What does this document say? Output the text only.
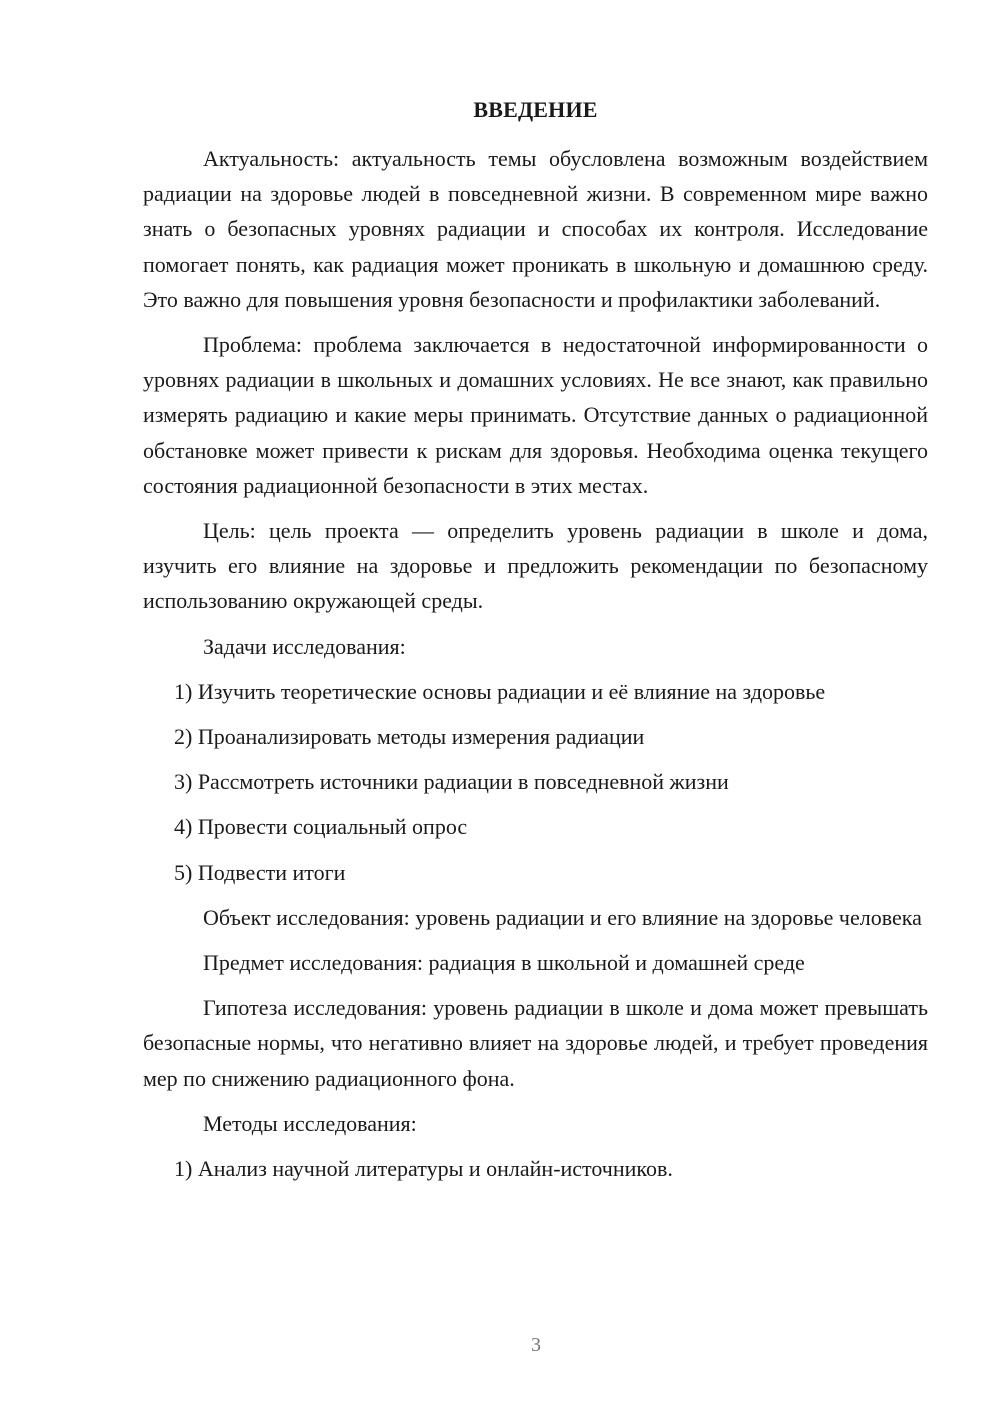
ВВЕДЕНИЕ

Актуальность: актуальность темы обусловлена возможным воздействием радиации на здоровье людей в повседневной жизни. В современном мире важно знать о безопасных уровнях радиации и способах их контроля. Исследование помогает понять, как радиация может проникать в школьную и домашнюю среду. Это важно для повышения уровня безопасности и профилактики заболеваний.

Проблема: проблема заключается в недостаточной информированности о уровнях радиации в школьных и домашних условиях. Не все знают, как правильно измерять радиацию и какие меры принимать. Отсутствие данных о радиационной обстановке может привести к рискам для здоровья. Необходима оценка текущего состояния радиационной безопасности в этих местах.

Цель: цель проекта — определить уровень радиации в школе и дома, изучить его влияние на здоровье и предложить рекомендации по безопасному использованию окружающей среды.

Задачи исследования:
1) Изучить теоретические основы радиации и её влияние на здоровье
2) Проанализировать методы измерения радиации
3) Рассмотреть источники радиации в повседневной жизни
4) Провести социальный опрос
5) Подвести итоги

Объект исследования: уровень радиации и его влияние на здоровье человека

Предмет исследования: радиация в школьной и домашней среде

Гипотеза исследования: уровень радиации в школе и дома может превышать безопасные нормы, что негативно влияет на здоровье людей, и требует проведения мер по снижению радиационного фона.

Методы исследования:
1) Анализ научной литературы и онлайн-источников.
3
